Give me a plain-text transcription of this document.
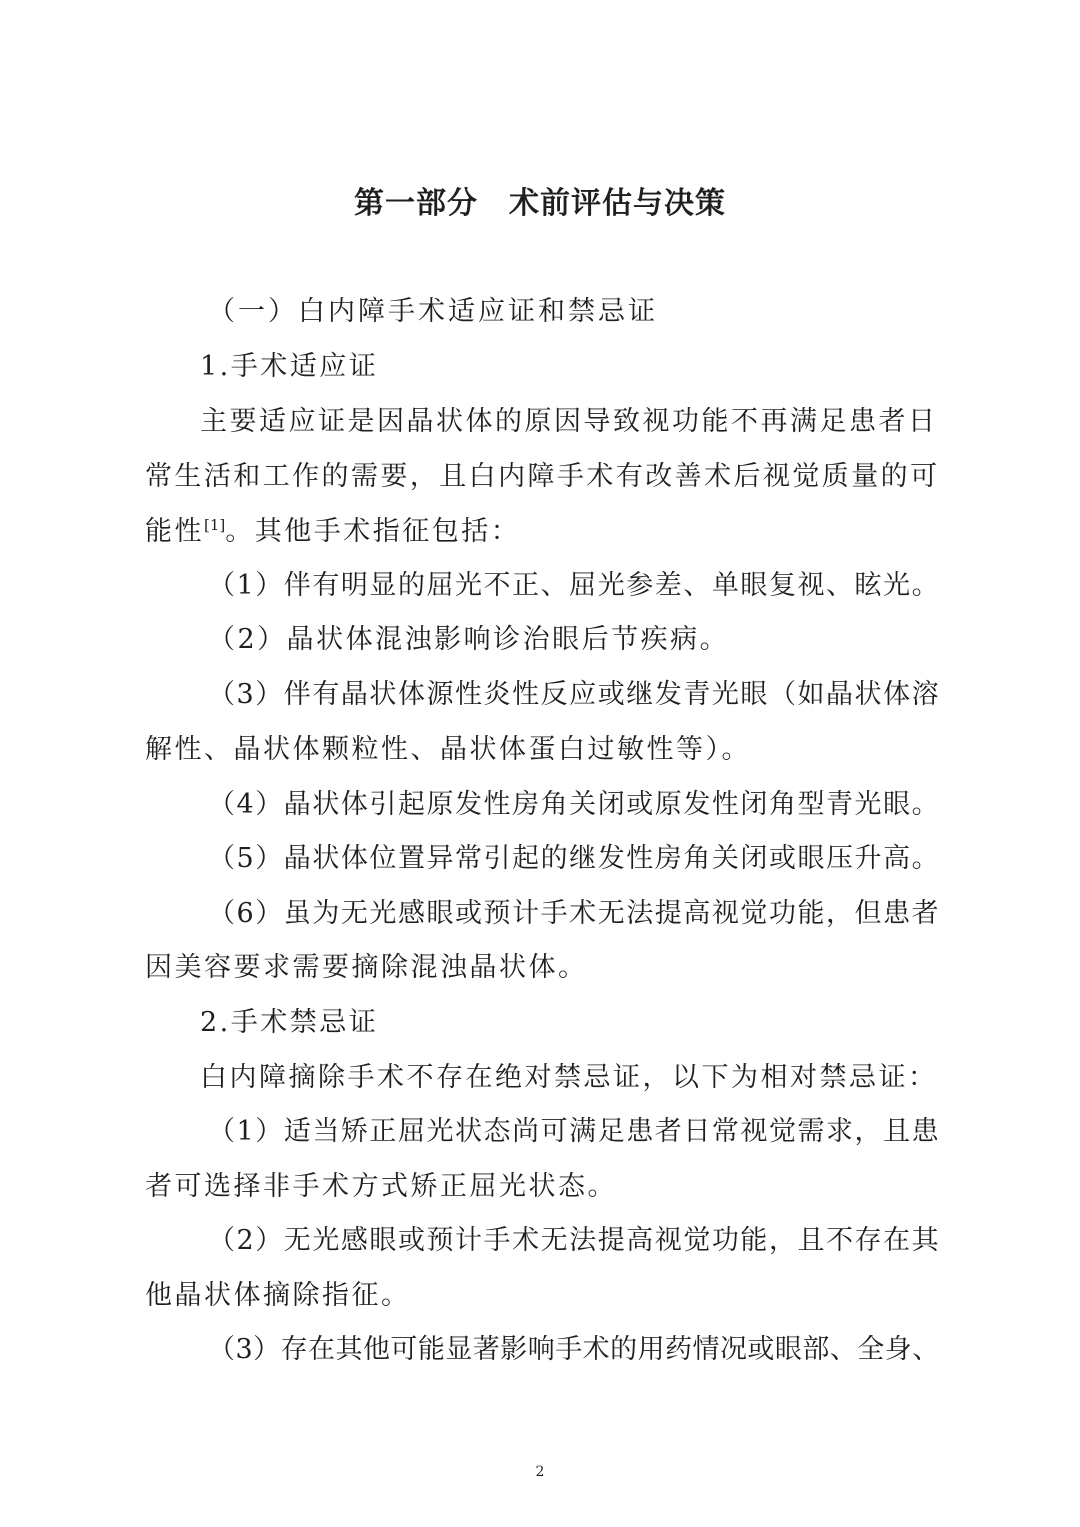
第一部分　术前评估与决策
（一）白内障手术适应证和禁忌证
1.手术适应证
主要适应证是因晶状体的原因导致视功能不再满足患者日
常生活和工作的需要，且白内障手术有改善术后视觉质量的可
能性[1]。其他手术指征包括：
（1）伴有明显的屈光不正、屈光参差、单眼复视、眩光。
（2）晶状体混浊影响诊治眼后节疾病。
（3）伴有晶状体源性炎性反应或继发青光眼（如晶状体溶
解性、晶状体颗粒性、晶状体蛋白过敏性等）。
（4）晶状体引起原发性房角关闭或原发性闭角型青光眼。
（5）晶状体位置异常引起的继发性房角关闭或眼压升高。
（6）虽为无光感眼或预计手术无法提高视觉功能，但患者
因美容要求需要摘除混浊晶状体。
2.手术禁忌证
白内障摘除手术不存在绝对禁忌证，以下为相对禁忌证：
（1）适当矫正屈光状态尚可满足患者日常视觉需求，且患
者可选择非手术方式矫正屈光状态。
（2）无光感眼或预计手术无法提高视觉功能，且不存在其
他晶状体摘除指征。
（3）存在其他可能显著影响手术的用药情况或眼部、全身、
2
